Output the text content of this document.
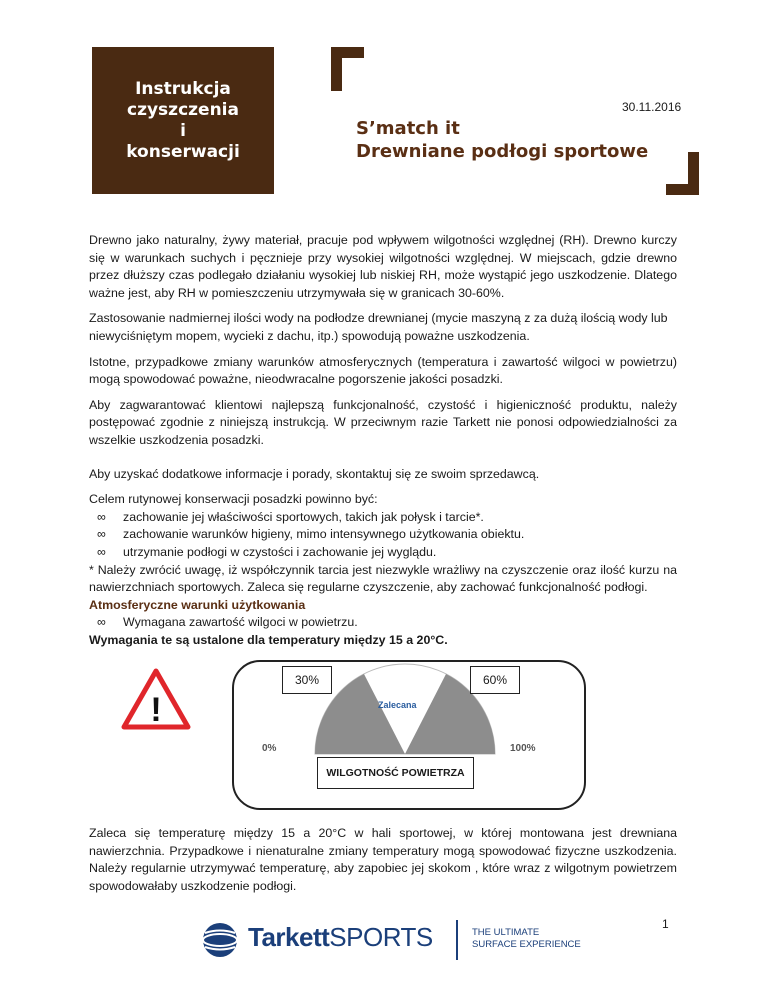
Instrukcja
czyszczenia
i
konserwacji
30.11.2016
S’match it
Drewniane podłogi sportowe

Drewno jako naturalny, żywy materiał, pracuje pod wpływem wilgotności względnej (RH). Drewno kurczy się w warunkach suchych i pęcznieje przy wysokiej wilgotności względnej. W miejscach, gdzie drewno przez dłuższy czas podlegało działaniu wysokiej lub niskiej RH, może wystąpić jego uszkodzenie. Dlatego ważne jest, aby RH w pomieszczeniu utrzymywała się w granicach 30-60%.

Zastosowanie nadmiernej ilości wody na podłodze drewnianej (mycie maszyną z za dużą ilością wody lub niewyciśniętym mopem, wycieki z dachu, itp.) spowodują poważne uszkodzenia.

Istotne, przypadkowe zmiany warunków atmosferycznych (temperatura i zawartość wilgoci w powietrzu) mogą spowodować poważne, nieodwracalne pogorszenie jakości posadzki.

Aby zagwarantować klientowi najlepszą funkcjonalność, czystość i higieniczność produktu, należy postępować zgodnie z niniejszą instrukcją. W przeciwnym razie Tarkett nie ponosi odpowiedzialności za wszelkie uszkodzenia posadzki.

Aby uzyskać dodatkowe informacje i porady, skontaktuj się ze swoim sprzedawcą.

Celem rutynowej konserwacji posadzki powinno być:
∞ zachowanie jej właściwości sportowych, takich jak połysk i tarcie*.
∞ zachowanie warunków higieny, mimo intensywnego użytkowania obiektu.
∞ utrzymanie podłogi w czystości i zachowanie jej wyglądu.
* Należy zwrócić uwagę, iż współczynnik tarcia jest niezwykle wrażliwy na czyszczenie oraz ilość kurzu na nawierzchniach sportowych. Zaleca się regularne czyszczenie, aby zachować funkcjonalność podłogi.
Atmosferyczne warunki użytkowania
∞ Wymagana zawartość wilgoci w powietrzu.
Wymagania te są ustalone dla temperatury między 15 a 20°C.
!
30%	60%
Zalecana
0%	100%
WILGOTNOŚĆ POWIETRZA
Zaleca się temperaturę między 15 a 20°C w hali sportowej, w której montowana jest drewniana nawierzchnia. Przypadkowe i nienaturalne zmiany temperatury mogą spowodować fizyczne uszkodzenia. Należy regularnie utrzymywać temperaturę, aby zapobiec jej skokom , które wraz z wilgotnym powietrzem spowodowałaby uszkodzenie podłogi.
1
TarkettSPORTS	THE ULTIMATE
SURFACE EXPERIENCE
